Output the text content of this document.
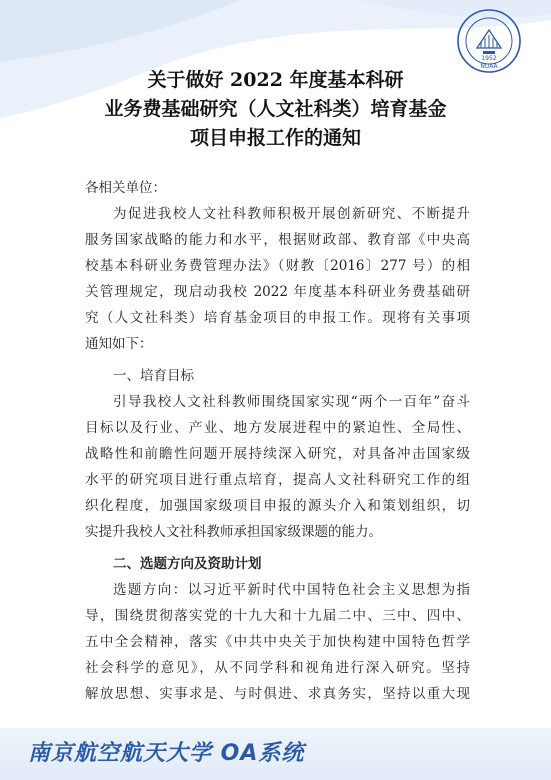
1952
NUAA
关于做好 2022 年度基本科研
业务费基础研究（人文社科类）培育基金
项目申报工作的通知
各相关单位：
为促进我校人文社科教师积极开展创新研究、不断提升
服务国家战略的能力和水平，根据财政部、教育部《中央高
校基本科研业务费管理办法》（财教〔2016〕277 号）的相
关管理规定，现启动我校 2022 年度基本科研业务费基础研
究（人文社科类）培育基金项目的申报工作。现将有关事项
通知如下：
一、培育目标
引导我校人文社科教师围绕国家实现“两个一百年”奋斗
目标以及行业、产业、地方发展进程中的紧迫性、全局性、
战略性和前瞻性问题开展持续深入研究，对具备冲击国家级
水平的研究项目进行重点培育，提高人文社科研究工作的组
织化程度，加强国家级项目申报的源头介入和策划组织，切
实提升我校人文社科教师承担国家级课题的能力。
二、选题方向及资助计划
选题方向：以习近平新时代中国特色社会主义思想为指
导，围绕贯彻落实党的十九大和十九届二中、三中、四中、
五中全会精神，落实《中共中央关于加快构建中国特色哲学
社会科学的意见》，从不同学科和视角进行深入研究。坚持
解放思想、实事求是、与时俱进、求真务实，坚持以重大现
南京航空航天大学 OA系统
